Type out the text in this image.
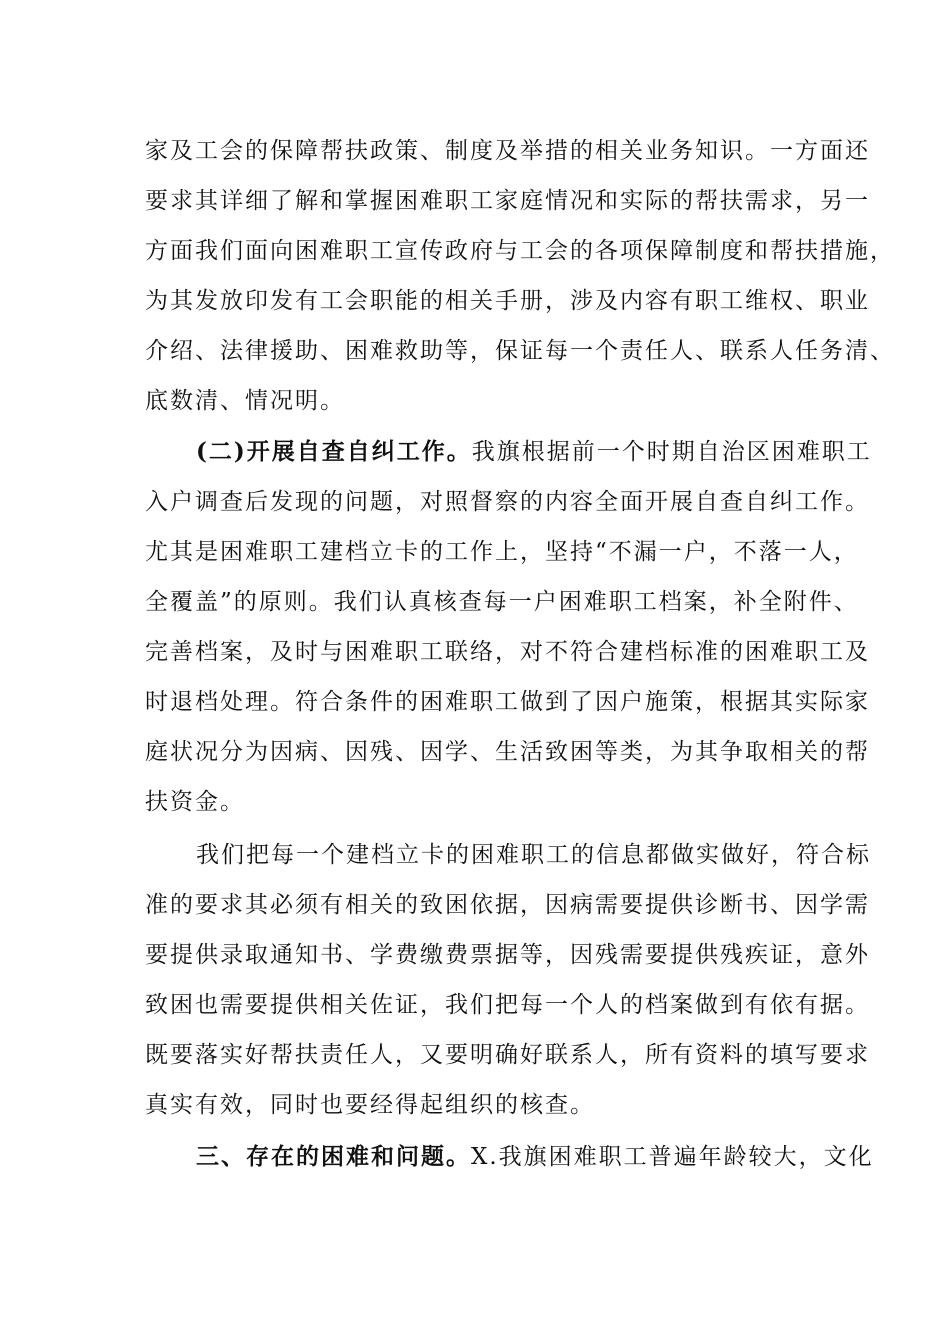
家及工会的保障帮扶政策、制度及举措的相关业务知识。一方面还
要求其详细了解和掌握困难职工家庭情况和实际的帮扶需求，另一
方面我们面向困难职工宣传政府与工会的各项保障制度和帮扶措施，
为其发放印发有工会职能的相关手册，涉及内容有职工维权、职业
介绍、法律援助、困难救助等，保证每一个责任人、联系人任务清、
底数清、情况明。
(二)开展自查自纠工作。我旗根据前一个时期自治区困难职工
入户调查后发现的问题，对照督察的内容全面开展自查自纠工作。
尤其是困难职工建档立卡的工作上，坚持“不漏一户，不落一人，
全覆盖”的原则。我们认真核查每一户困难职工档案，补全附件、
完善档案，及时与困难职工联络，对不符合建档标准的困难职工及
时退档处理。符合条件的困难职工做到了因户施策，根据其实际家
庭状况分为因病、因残、因学、生活致困等类，为其争取相关的帮
扶资金。
我们把每一个建档立卡的困难职工的信息都做实做好，符合标
准的要求其必须有相关的致困依据，因病需要提供诊断书、因学需
要提供录取通知书、学费缴费票据等，因残需要提供残疾证，意外
致困也需要提供相关佐证，我们把每一个人的档案做到有依有据。
既要落实好帮扶责任人，又要明确好联系人，所有资料的填写要求
真实有效，同时也要经得起组织的核查。
三、存在的困难和问题。X.我旗困难职工普遍年龄较大，文化
